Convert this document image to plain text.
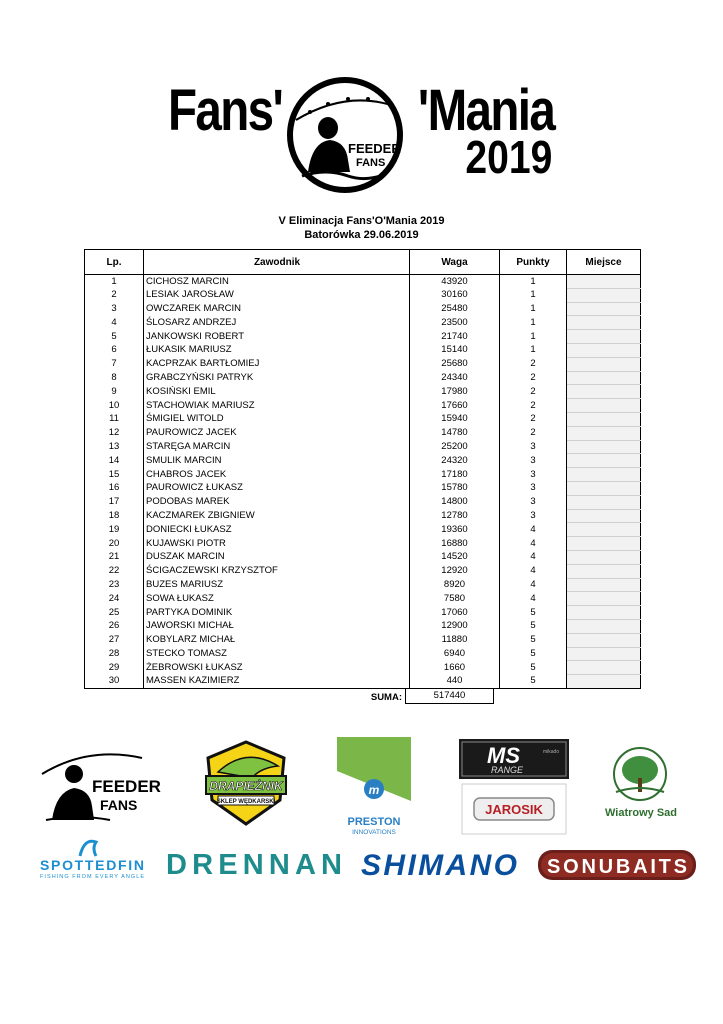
Fans' 'Mania
2019
FEEDER
FANS
V Eliminacja Fans'O'Mania 2019
Batorówka 29.06.2019
Lp.	Zawodnik	Waga	Punkty	Miejsce
1	CICHOSZ MARCIN	43920	1	
2	LESIAK JAROSŁAW	30160	1	
3	OWCZAREK MARCIN	25480	1	
4	ŚLOSARZ ANDRZEJ	23500	1	
5	JANKOWSKI ROBERT	21740	1	
6	ŁUKASIK MARIUSZ	15140	1	
7	KACPRZAK BARTŁOMIEJ	25680	2	
8	GRABCZYŃSKI PATRYK	24340	2	
9	KOSIŃSKI EMIL	17980	2	
10	STACHOWIAK MARIUSZ	17660	2	
11	ŚMIGIEL WITOLD	15940	2	
12	PAUROWICZ JACEK	14780	2	
13	STARĘGA MARCIN	25200	3	
14	SMULIK MARCIN	24320	3	
15	CHABROS JACEK	17180	3	
16	PAUROWICZ ŁUKASZ	15780	3	
17	PODOBAS MAREK	14800	3	
18	KACZMAREK ZBIGNIEW	12780	3	
19	DONIECKI ŁUKASZ	19360	4	
20	KUJAWSKI PIOTR	16880	4	
21	DUSZAK MARCIN	14520	4	
22	ŚCIGACZEWSKI KRZYSZTOF	12920	4	
23	BUZES MARIUSZ	8920	4	
24	SOWA ŁUKASZ	7580	4	
25	PARTYKA DOMINIK	17060	5	
26	JAWORSKI MICHAŁ	12900	5	
27	KOBYLARZ MICHAŁ	11880	5	
28	STECKO TOMASZ	6940	5	
29	ŻEBROWSKI ŁUKASZ	1660	5	
30	MASSEN KAZIMIERZ	440	5	
SUMA:	517440
FEEDER
FANS
DRAPIEŻNIK
SKLEP WĘDKARSKI
m
PRESTON
INNOVATIONS
MS
RANGE
mikado
JAROSIK	Wiatrowy Sad
SPOTTEDFIN
FISHING FROM EVERY ANGLE DRENNAN SHIMANO SONUBAITS
